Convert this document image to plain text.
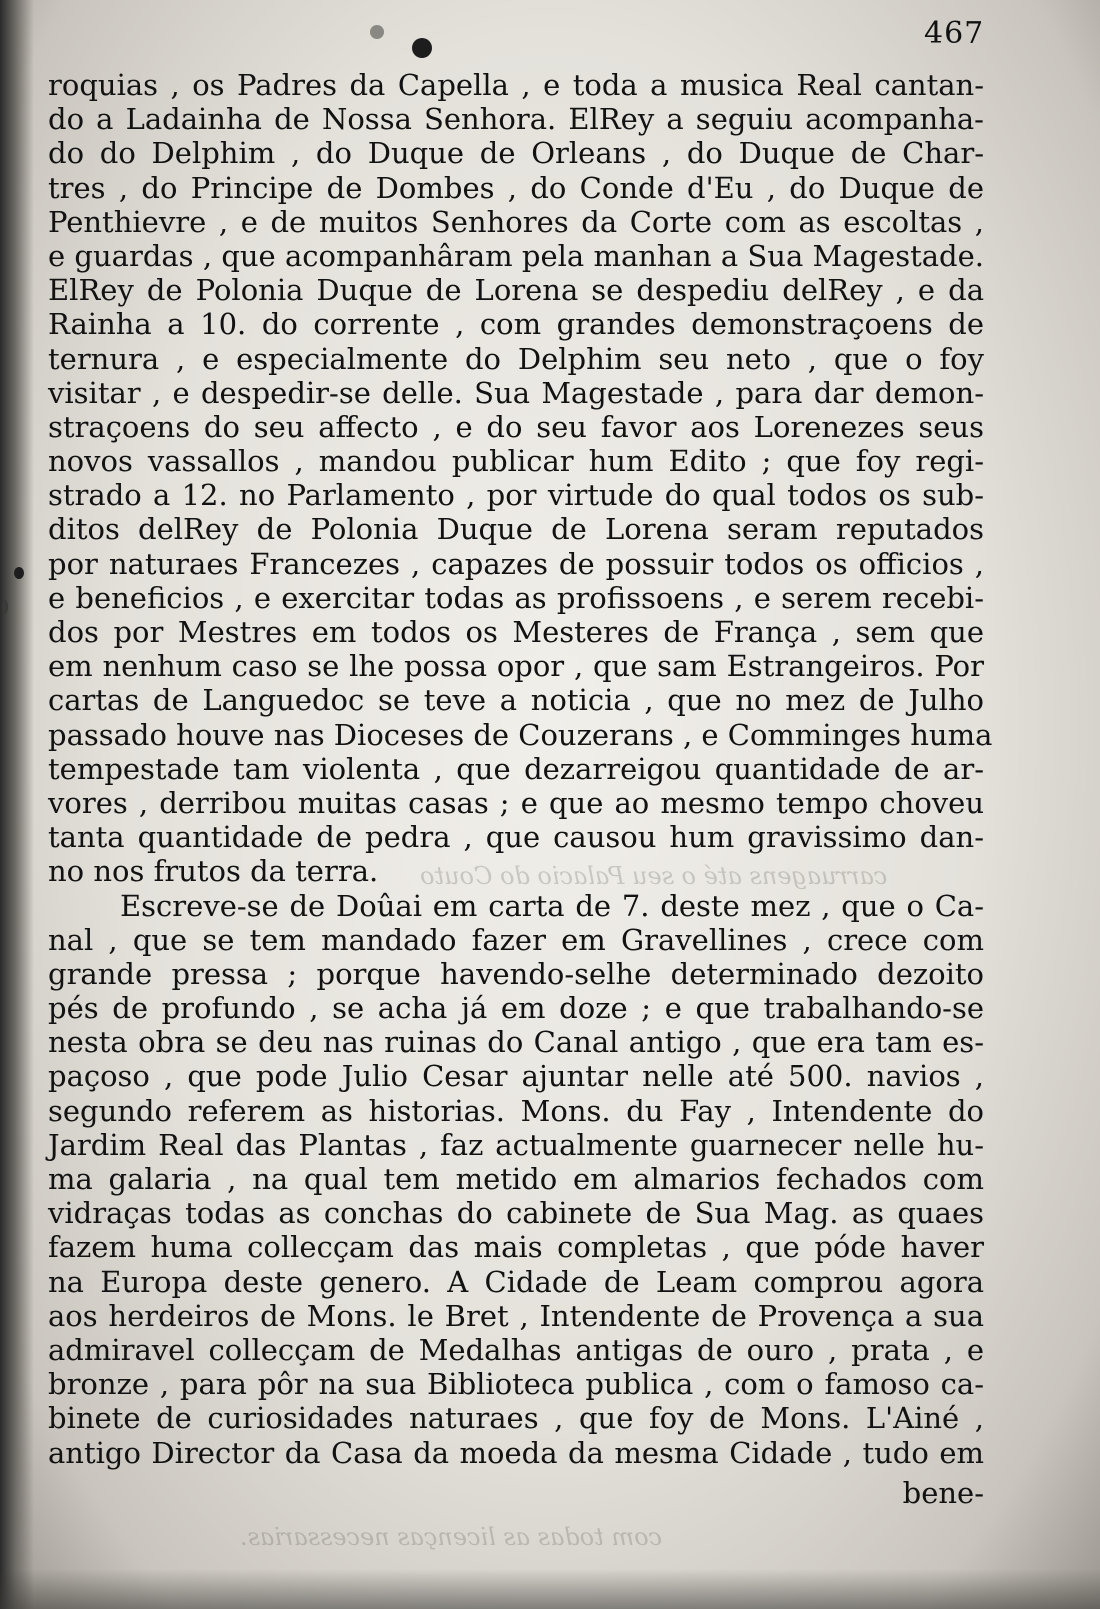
carruagens até o seu Palacio do Couto
com todas as licenças necessarias.
467
roquias , os Padres da Capella , e toda a musica Real cantan-
do a Ladainha de Nossa Senhora. ElRey a seguiu acompanha-
do do Delphim , do Duque de Orleans , do Duque de Char-
tres , do Principe de Dombes , do Conde d'Eu , do Duque de
Penthievre , e de muitos Senhores da Corte com as escoltas ,
e guardas , que acompanhâram pela manhan a Sua Magestade.
ElRey de Polonia Duque de Lorena se despediu delRey , e da
Rainha a 10. do corrente , com grandes demonstraçoens de
ternura , e especialmente do Delphim seu neto , que o foy
visitar , e despedir-se delle. Sua Magestade , para dar demon-
straçoens do seu affecto , e do seu favor aos Lorenezes seus
novos vassallos , mandou publicar hum Edito ; que foy regi-
strado a 12. no Parlamento , por virtude do qual todos os sub-
ditos delRey de Polonia Duque de Lorena seram reputados
por naturaes Francezes , capazes de possuir todos os officios ,
e beneficios , e exercitar todas as profissoens , e serem recebi-
dos por Mestres em todos os Mesteres de França , sem que
em nenhum caso se lhe possa opor , que sam Estrangeiros. Por
cartas de Languedoc se teve a noticia , que no mez de Julho
passado houve nas Dioceses de Couzerans , e Comminges huma
tempestade tam violenta , que dezarreigou quantidade de ar-
vores , derribou muitas casas ; e que ao mesmo tempo choveu
tanta quantidade de pedra , que causou hum gravissimo dan-
no nos frutos da terra.
Escreve-se de Doûai em carta de 7. deste mez , que o Ca-
nal , que se tem mandado fazer em Gravellines , crece com
grande pressa ; porque havendo-selhe determinado dezoito
pés de profundo , se acha já em doze ; e que trabalhando-se
nesta obra se deu nas ruinas do Canal antigo , que era tam es-
paçoso , que pode Julio Cesar ajuntar nelle até 500. navios ,
segundo referem as historias. Mons. du Fay , Intendente do
Jardim Real das Plantas , faz actualmente guarnecer nelle hu-
ma galaria , na qual tem metido em almarios fechados com
vidraças todas as conchas do cabinete de Sua Mag. as quaes
fazem huma collecçam das mais completas , que póde haver
na Europa deste genero. A Cidade de Leam comprou agora
aos herdeiros de Mons. le Bret , Intendente de Provença a sua
admiravel collecçam de Medalhas antigas de ouro , prata , e
bronze , para pôr na sua Biblioteca publica , com o famoso ca-
binete de curiosidades naturaes , que foy de Mons. L'Ainé ,
antigo Director da Casa da moeda da mesma Cidade , tudo em
bene-
